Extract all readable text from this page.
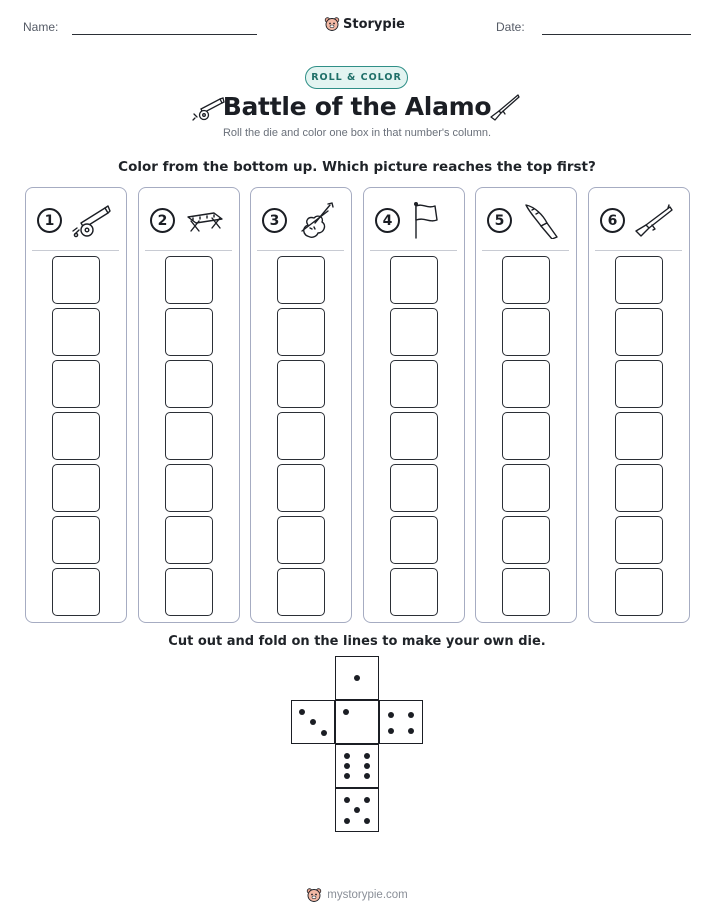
Name:	Storypie	Date:
ROLL & COLOR
Battle of the Alamo
Roll the die and color one box in that number's column.
Color from the bottom up. Which picture reaches the top first?
1	2	3	4	5	6
Cut out and fold on the lines to make your own die.
mystorypie.com
